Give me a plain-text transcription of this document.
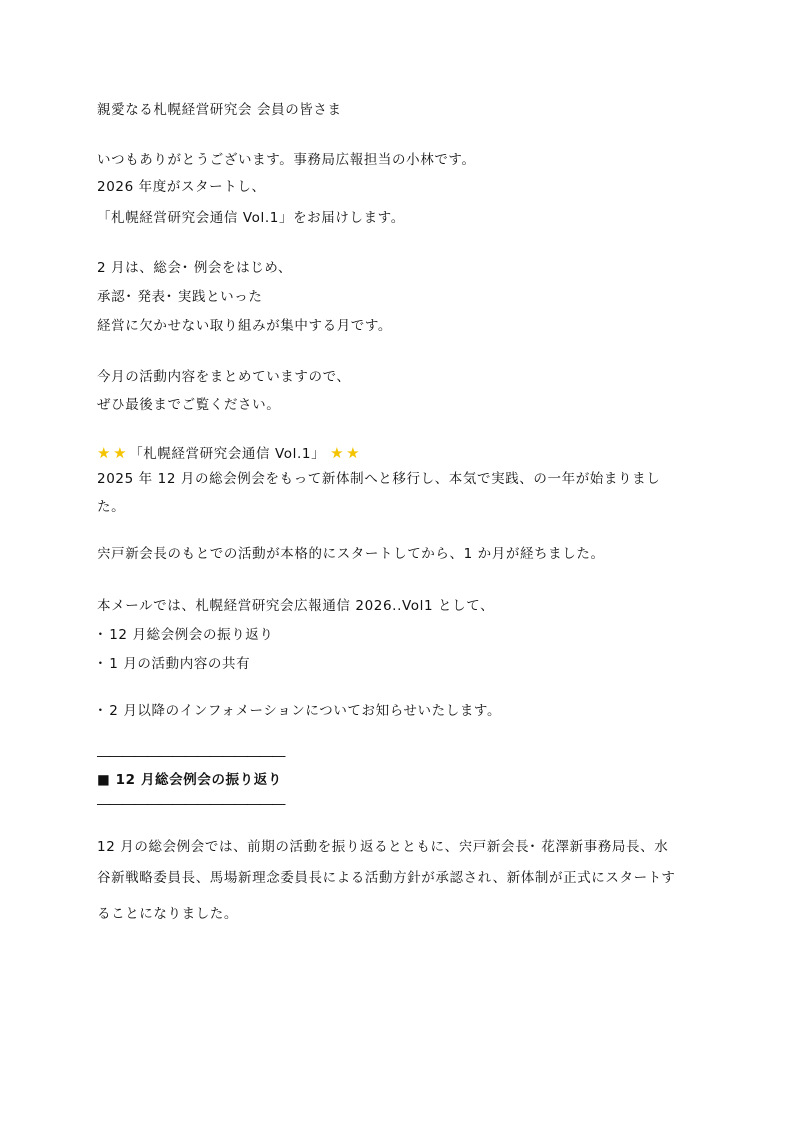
親愛なる札幌経営研究会 会員の皆さま
いつもありがとうございます。事務局広報担当の小林です。
2026 年度がスタートし、
「札幌経営研究会通信 Vol.1」をお届けします。
2 月は、総会･ 例会をはじめ、
承認･ 発表･ 実践といった
経営に欠かせない取り組みが集中する月です。
今月の活動内容をまとめていますので、
ぜひ最後までご覧ください。
★ ★ 「札幌経営研究会通信 Vol.1」 ★ ★
2025 年 12 月の総会例会をもって新体制へと移行し、本気で実践、の一年が始まりまし
た。
宍戸新会長のもとでの活動が本格的にスタートしてから、1 か月が経ちました。
本メールでは、札幌経営研究会広報通信 2026..Vol1 として、
･ 12 月総会例会の振り返り
･ 1 月の活動内容の共有
･ 2 月以降のインフォメーションについてお知らせいたします。
―――――――――――――――
■ 12 月総会例会の振り返り
―――――――――――――――
12 月の総会例会では、前期の活動を振り返るとともに、宍戸新会長･ 花澤新事務局長、水
谷新戦略委員長、馬場新理念委員長による活動方針が承認され、新体制が正式にスタートす
ることになりました。
